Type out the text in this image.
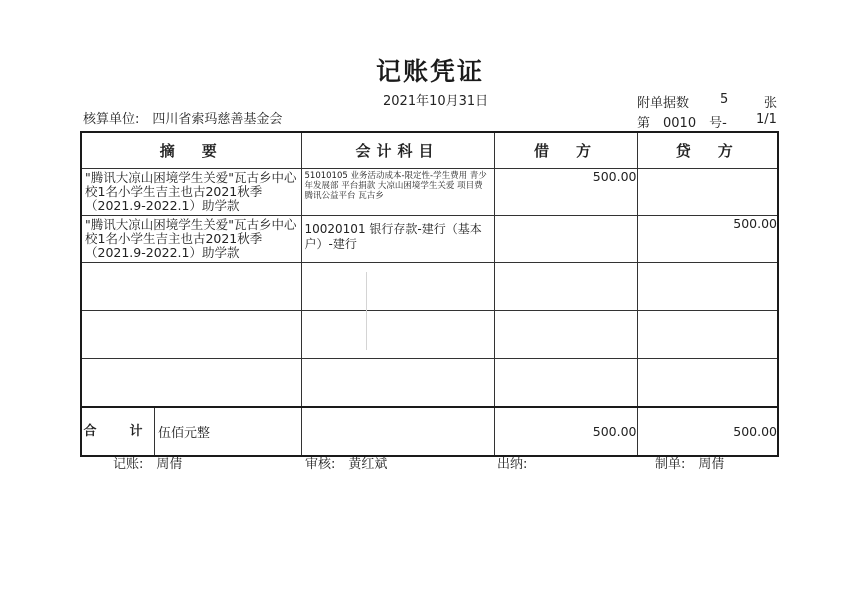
记账凭证
2021年10月31日
核算单位:　四川省索玛慈善基金会
附单据数 5	张
第　0010　号- 1/1
摘　要	会计科目	借　方	贷　方

"腾讯大凉山困境学生关爱"瓦古乡中心校1名小学生吉主也古2021秋季（2021.9-2022.1）助学款	51010105 业务活动成本-限定性-学生费用 青少年发展部 平台捐款 大凉山困境学生关爱 项目费 腾讯公益平台 瓦古乡	500.00	

"腾讯大凉山困境学生关爱"瓦古乡中心校1名小学生吉主也古2021秋季（2021.9-2022.1）助学款	10020101 银行存款-建行（基本户）-建行		500.00

合　计 伍佰元整		500.00	500.00
记账:　周倩	审核:　黄红斌	出纳:	制单:　周倩
